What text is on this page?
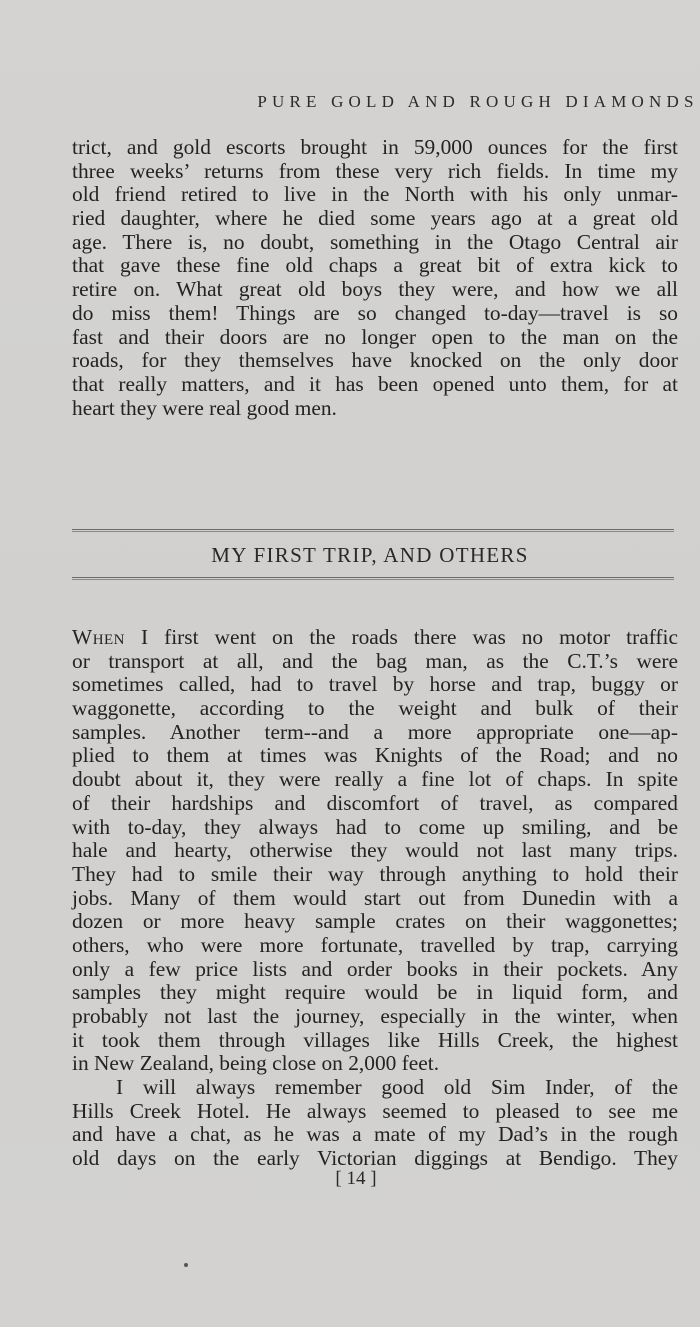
PURE GOLD AND ROUGH DIAMONDS
trict, and gold escorts brought in 59,000 ounces for the first
three weeks’ returns from these very rich fields. In time my
old friend retired to live in the North with his only unmar-
ried daughter, where he died some years ago at a great old
age. There is, no doubt, something in the Otago Central air
that gave these fine old chaps a great bit of extra kick to
retire on. What great old boys they were, and how we all
do miss them! Things are so changed to-day—travel is so
fast and their doors are no longer open to the man on the
roads, for they themselves have knocked on the only door
that really matters, and it has been opened unto them, for at
heart they were real good men.
MY FIRST TRIP, AND OTHERS
When I first went on the roads there was no motor traffic
or transport at all, and the bag man, as the C.T.’s were
sometimes called, had to travel by horse and trap, buggy or
waggonette, according to the weight and bulk of their
samples. Another term--and a more appropriate one—ap-
plied to them at times was Knights of the Road; and no
doubt about it, they were really a fine lot of chaps. In spite
of their hardships and discomfort of travel, as compared
with to-day, they always had to come up smiling, and be
hale and hearty, otherwise they would not last many trips.
They had to smile their way through anything to hold their
jobs. Many of them would start out from Dunedin with a
dozen or more heavy sample crates on their waggonettes;
others, who were more fortunate, travelled by trap, carrying
only a few price lists and order books in their pockets. Any
samples they might require would be in liquid form, and
probably not last the journey, especially in the winter, when
it took them through villages like Hills Creek, the highest
in New Zealand, being close on 2,000 feet.
I will always remember good old Sim Inder, of the
Hills Creek Hotel. He always seemed to pleased to see me
and have a chat, as he was a mate of my Dad’s in the rough
old days on the early Victorian diggings at Bendigo. They
[ 14 ]
